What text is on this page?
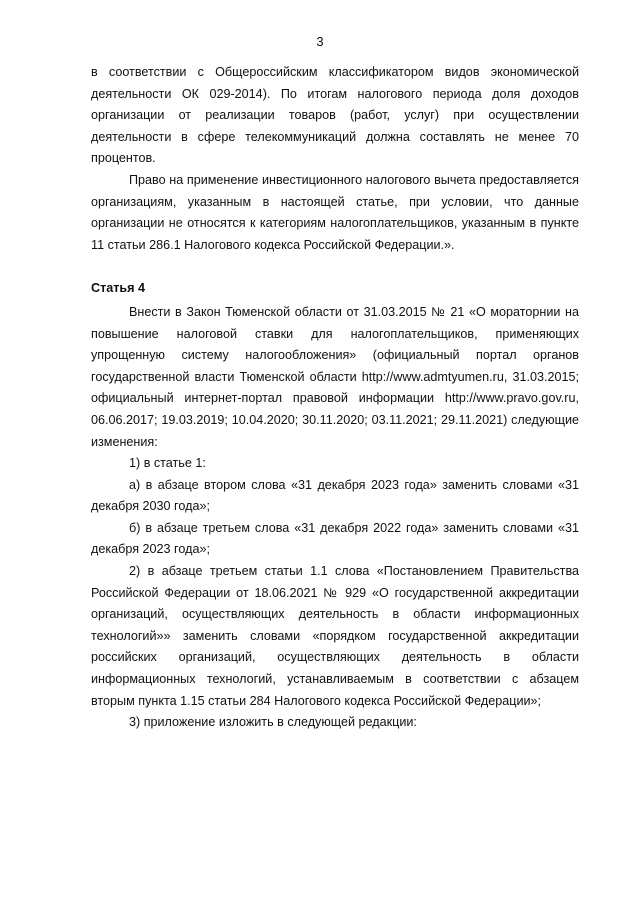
3

в соответствии с Общероссийским классификатором видов экономической деятельности ОК 029-2014). По итогам налогового периода доля доходов организации от реализации товаров (работ, услуг) при осуществлении деятельности в сфере телекоммуникаций должна составлять не менее 70 процентов.

Право на применение инвестиционного налогового вычета предоставляется организациям, указанным в настоящей статье, при условии, что данные организации не относятся к категориям налогоплательщиков, указанным в пункте 11 статьи 286.1 Налогового кодекса Российской Федерации.».

Статья 4

Внести в Закон Тюменской области от 31.03.2015 № 21 «О мораторнии на повышение налоговой ставки для налогоплательщиков, применяющих упрощенную систему налогообложения» (официальный портал органов государственной власти Тюменской области http://www.admtyumen.ru, 31.03.2015; официальный интернет-портал правовой информации http://www.pravo.gov.ru, 06.06.2017; 19.03.2019; 10.04.2020; 30.11.2020; 03.11.2021; 29.11.2021) следующие изменения:

1) в статье 1:

а) в абзаце втором слова «31 декабря 2023 года» заменить словами «31 декабря 2030 года»;

б) в абзаце третьем слова «31 декабря 2022 года» заменить словами «31 декабря 2023 года»;

2) в абзаце третьем статьи 1.1 слова «Постановлением Правительства Российской Федерации от 18.06.2021 № 929 «О государственной аккредитации организаций, осуществляющих деятельность в области информационных технологий»» заменить словами «порядком государственной аккредитации российских организаций, осуществляющих деятельность в области информационных технологий, устанавливаемым в соответствии с абзацем вторым пункта 1.15 статьи 284 Налогового кодекса Российской Федерации»;

3) приложение изложить в следующей редакции:
